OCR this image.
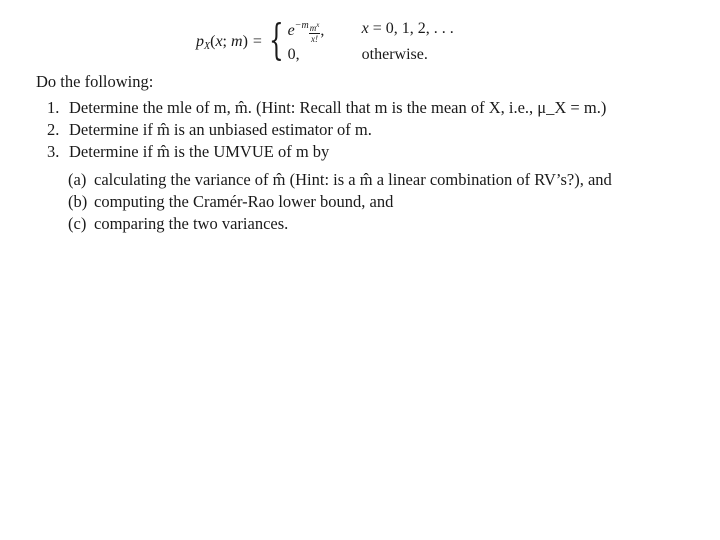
$p_X(x$; m) = { $e^{-m} \frac{m^x}{x!}$ ,	x = 0, 1, 2, . . .
0,	otherwise.
Do the following:
1. Determine the mle of m, m̂. (Hint: Recall that m is the mean of X, i.e., μ_X = m.)
2. Determine if m̂ is an unbiased estimator of m.
3. Determine if m̂ is the UMVUE of m by
(a) calculating the variance of m̂ (Hint: is a m̂ a linear combination of RV’s?), and
(b) computing the Cramér-Rao lower bound, and
(c) comparing the two variances.
